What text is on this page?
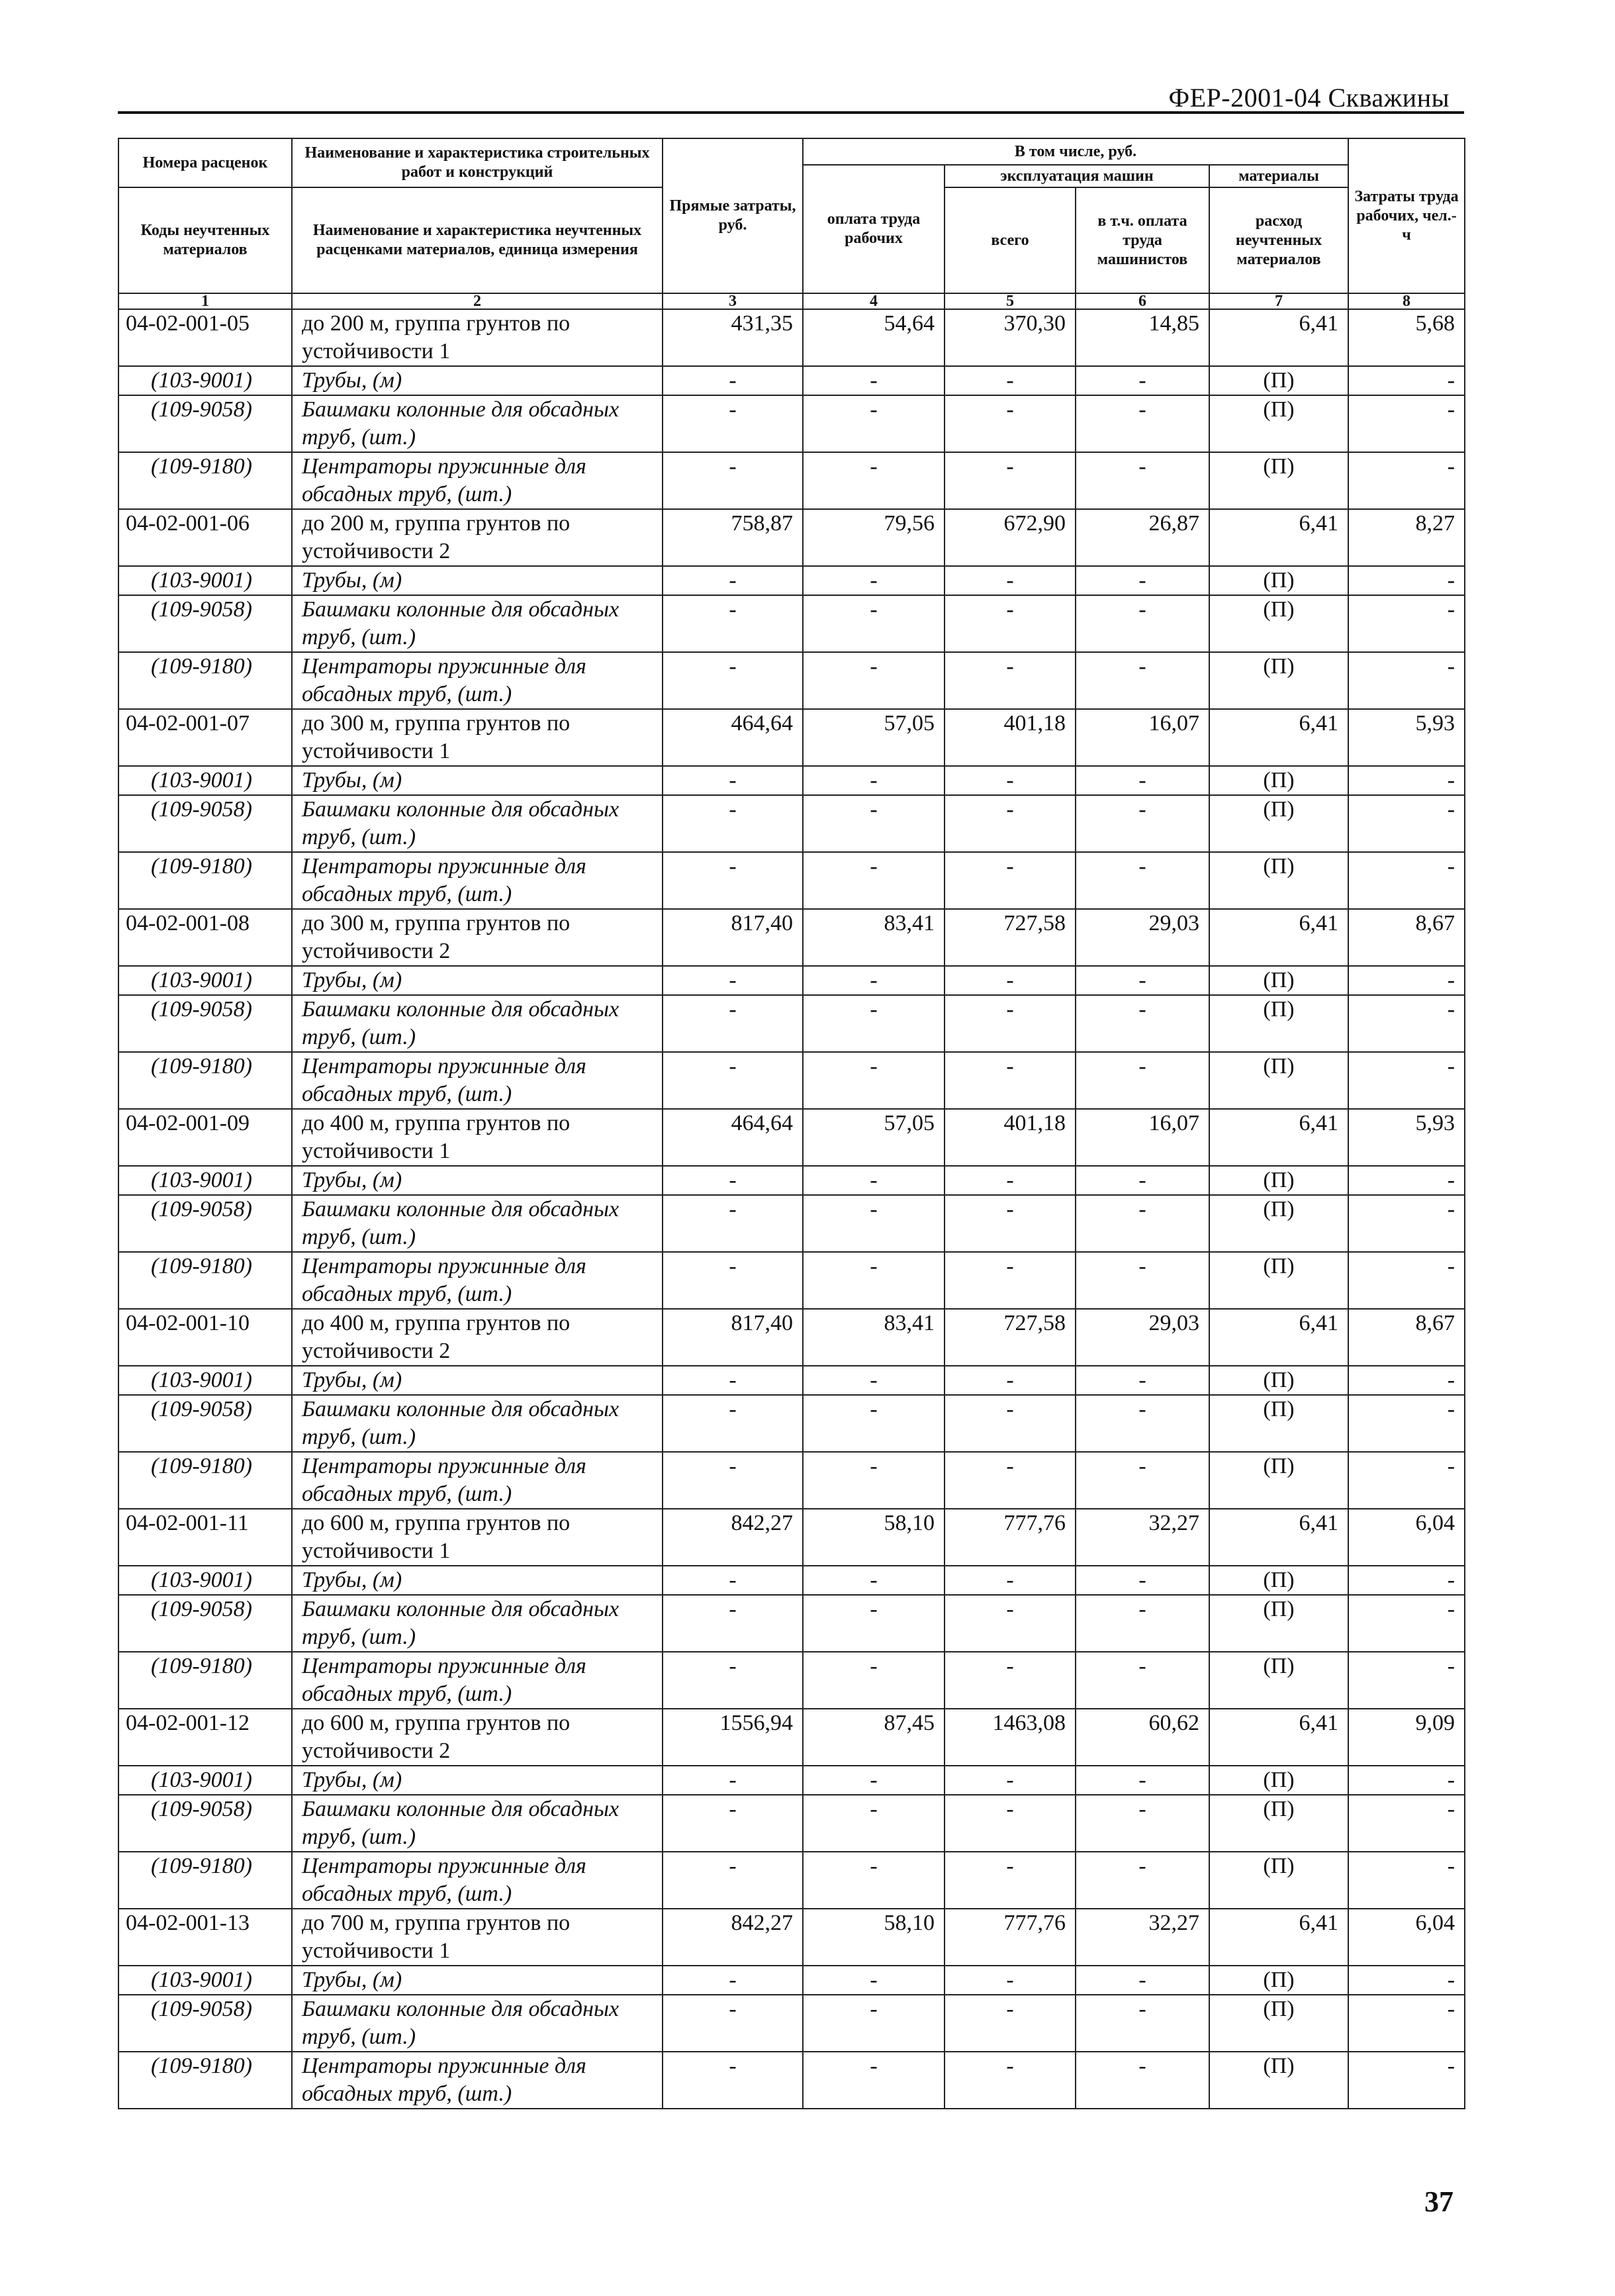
ФЕР-2001-04 Скважины
Номера расценок	Наименование и характеристика строительных работ и конструкций	Прямые затраты, руб.	В том числе, руб.				Затраты труда рабочих, чел.-ч
			оплата труда рабочих	эксплуатация машин		материалы	
Коды неучтенных материалов	Наименование и характеристика неучтенных расценками материалов, единица измерения			всего	в т.ч. оплата труда машинистов	расход неучтенных материалов	

1	2	3	4	5	6	7	8
04-02-001-05	до 200 м, группа грунтов по устойчивости 1	431,35	54,64	370,30	14,85	6,41	5,68
(103-9001)	Трубы, (м)	-	-	-	-	(П)	-
(109-9058)	Башмаки колонные для обсадных труб, (шт.)	-	-	-	-	(П)	-
(109-9180)	Центраторы пружинные для обсадных труб, (шт.)	-	-	-	-	(П)	-
04-02-001-06	до 200 м, группа грунтов по устойчивости 2	758,87	79,56	672,90	26,87	6,41	8,27
(103-9001)	Трубы, (м)	-	-	-	-	(П)	-
(109-9058)	Башмаки колонные для обсадных труб, (шт.)	-	-	-	-	(П)	-
(109-9180)	Центраторы пружинные для обсадных труб, (шт.)	-	-	-	-	(П)	-
04-02-001-07	до 300 м, группа грунтов по устойчивости 1	464,64	57,05	401,18	16,07	6,41	5,93
(103-9001)	Трубы, (м)	-	-	-	-	(П)	-
(109-9058)	Башмаки колонные для обсадных труб, (шт.)	-	-	-	-	(П)	-
(109-9180)	Центраторы пружинные для обсадных труб, (шт.)	-	-	-	-	(П)	-
04-02-001-08	до 300 м, группа грунтов по устойчивости 2	817,40	83,41	727,58	29,03	6,41	8,67
(103-9001)	Трубы, (м)	-	-	-	-	(П)	-
(109-9058)	Башмаки колонные для обсадных труб, (шт.)	-	-	-	-	(П)	-
(109-9180)	Центраторы пружинные для обсадных труб, (шт.)	-	-	-	-	(П)	-
04-02-001-09	до 400 м, группа грунтов по устойчивости 1	464,64	57,05	401,18	16,07	6,41	5,93
(103-9001)	Трубы, (м)	-	-	-	-	(П)	-
(109-9058)	Башмаки колонные для обсадных труб, (шт.)	-	-	-	-	(П)	-
(109-9180)	Центраторы пружинные для обсадных труб, (шт.)	-	-	-	-	(П)	-
04-02-001-10	до 400 м, группа грунтов по устойчивости 2	817,40	83,41	727,58	29,03	6,41	8,67
(103-9001)	Трубы, (м)	-	-	-	-	(П)	-
(109-9058)	Башмаки колонные для обсадных труб, (шт.)	-	-	-	-	(П)	-
(109-9180)	Центраторы пружинные для обсадных труб, (шт.)	-	-	-	-	(П)	-
04-02-001-11	до 600 м, группа грунтов по устойчивости 1	842,27	58,10	777,76	32,27	6,41	6,04
(103-9001)	Трубы, (м)	-	-	-	-	(П)	-
(109-9058)	Башмаки колонные для обсадных труб, (шт.)	-	-	-	-	(П)	-
(109-9180)	Центраторы пружинные для обсадных труб, (шт.)	-	-	-	-	(П)	-
04-02-001-12	до 600 м, группа грунтов по устойчивости 2	1556,94	87,45	1463,08	60,62	6,41	9,09
(103-9001)	Трубы, (м)	-	-	-	-	(П)	-
(109-9058)	Башмаки колонные для обсадных труб, (шт.)	-	-	-	-	(П)	-
(109-9180)	Центраторы пружинные для обсадных труб, (шт.)	-	-	-	-	(П)	-
04-02-001-13	до 700 м, группа грунтов по устойчивости 1	842,27	58,10	777,76	32,27	6,41	6,04
(103-9001)	Трубы, (м)	-	-	-	-	(П)	-
(109-9058)	Башмаки колонные для обсадных труб, (шт.)	-	-	-	-	(П)	-
(109-9180)	Центраторы пружинные для обсадных труб, (шт.)	-	-	-	-	(П)	-
37
